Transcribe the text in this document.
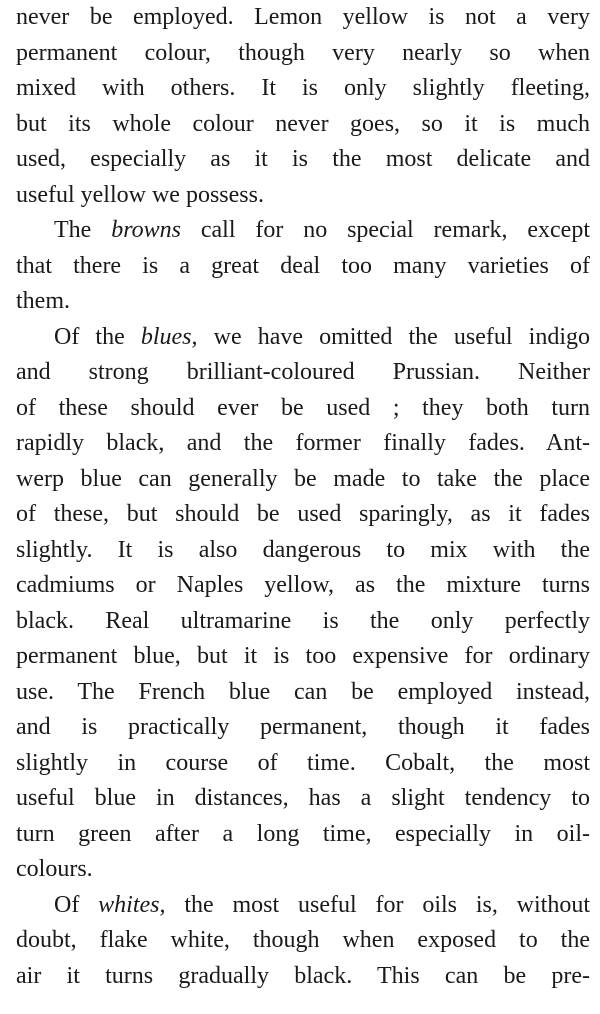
never be employed. Lemon yellow is not a very
permanent colour, though very nearly so when
mixed with others. It is only slightly fleeting,
but its whole colour never goes, so it is much
used, especially as it is the most delicate and
useful yellow we possess.
The browns call for no special remark, except
that there is a great deal too many varieties of
them.
Of the blues, we have omitted the useful indigo
and strong brilliant-coloured Prussian. Neither
of these should ever be used ; they both turn
rapidly black, and the former finally fades. Ant-
werp blue can generally be made to take the place
of these, but should be used sparingly, as it fades
slightly. It is also dangerous to mix with the
cadmiums or Naples yellow, as the mixture turns
black. Real ultramarine is the only perfectly
permanent blue, but it is too expensive for ordinary
use. The French blue can be employed instead,
and is practically permanent, though it fades
slightly in course of time. Cobalt, the most
useful blue in distances, has a slight tendency to
turn green after a long time, especially in oil-
colours.
Of whites, the most useful for oils is, without
doubt, flake white, though when exposed to the
air it turns gradually black. This can be pre-
